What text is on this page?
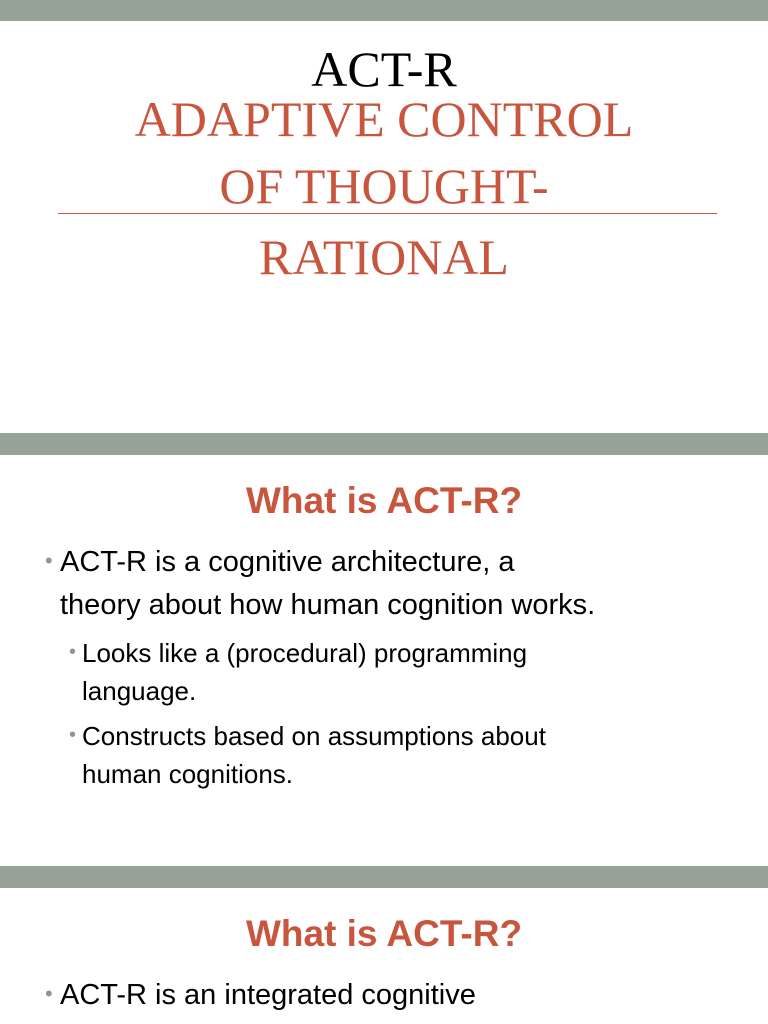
ACT-R
ADAPTIVE CONTROL
OF THOUGHT-
RATIONAL
What is ACT-R?

• ACT-R is a cognitive architecture, a
theory about how human cognition works.

• Looks like a (procedural) programming
language.

• Constructs based on assumptions about
human cognitions.

What is ACT-R?

• ACT-R is an integrated cognitive
